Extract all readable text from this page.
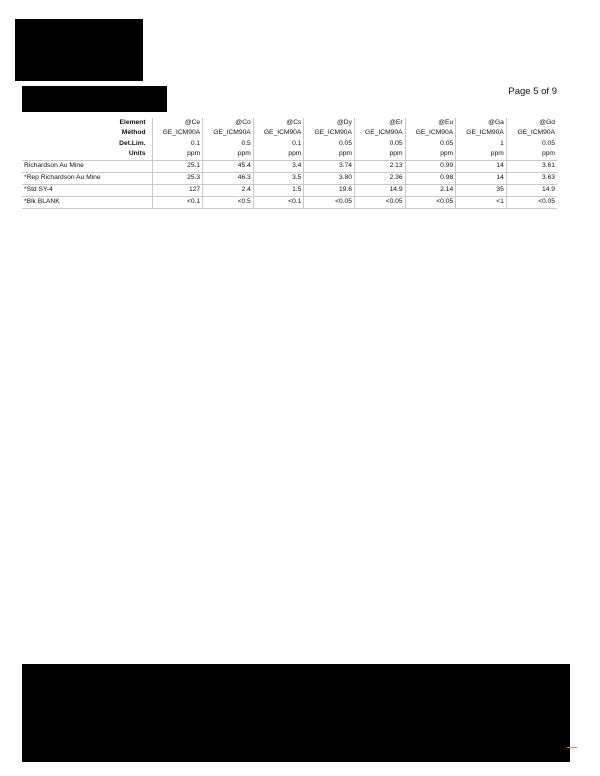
Page 5 of 9
Element	@Ce	@Co	@Cs	@Dy	@Er	@Eu	@Ga	@Gd
Method	GE_ICM90A	GE_ICM90A	GE_ICM90A	GE_ICM90A	GE_ICM90A	GE_ICM90A	GE_ICM90A	GE_ICM90A
Det.Lim.	0.1	0.5	0.1	0.05	0.05	0.05	1	0.05
Units	ppm	ppm	ppm	ppm	ppm	ppm	ppm	ppm
Richardson Au Mine	25.1	45.4	3.4	3.74	2.13	0.99	14	3.61
*Rep Richardson Au Mine	25.3	46.3	3.5	3.80	2.36	0.98	14	3.63
*Std SY-4	127	2.4	1.5	19.6	14.9	2.14	35	14.9
*Blk BLANK	<0.1	<0.5	<0.1	<0.05	<0.05	<0.05	<1	<0.05
